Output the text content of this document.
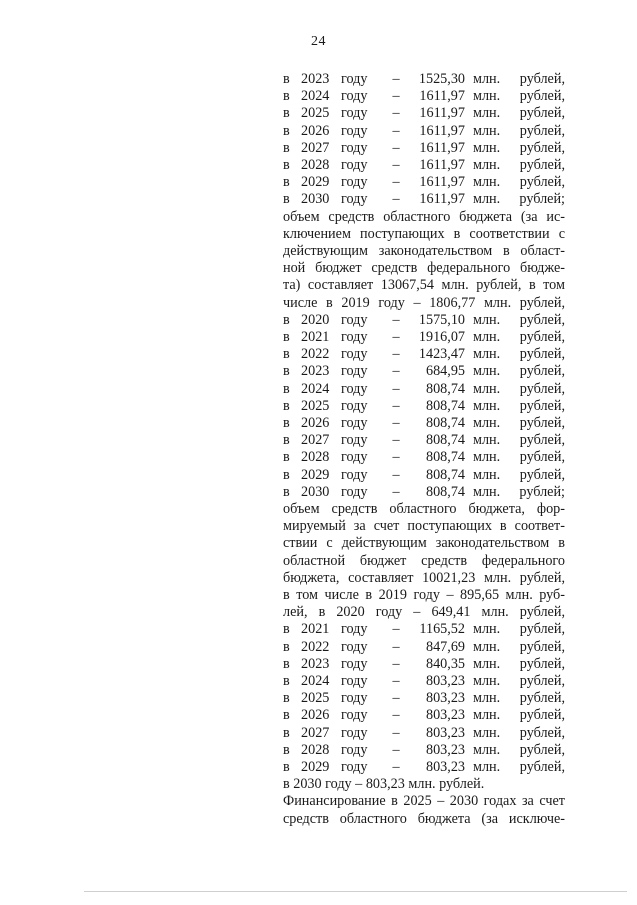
24
в	2023	году	–	1525,30	млн.	рублей,
в	2024	году	–	1611,97	млн.	рублей,
в	2025	году	–	1611,97	млн.	рублей,
в	2026	году	–	1611,97	млн.	рублей,
в	2027	году	–	1611,97	млн.	рублей,
в	2028	году	–	1611,97	млн.	рублей,
в	2029	году	–	1611,97	млн.	рублей,
в	2030	году	–	1611,97	млн.	рублей;
объем средств областного бюджета (за ис-
ключением поступающих в соответствии с
действующим законодательством в област-
ной бюджет средств федерального бюдже-
та) составляет 13067,54 млн. рублей, в том
числе в 2019 году – 1806,77 млн. рублей,
в	2020	году	–	1575,10	млн.	рублей,
в	2021	году	–	1916,07	млн.	рублей,
в	2022	году	–	1423,47	млн.	рублей,
в	2023	году	–	684,95	млн.	рублей,
в	2024	году	–	808,74	млн.	рублей,
в	2025	году	–	808,74	млн.	рублей,
в	2026	году	–	808,74	млн.	рублей,
в	2027	году	–	808,74	млн.	рублей,
в	2028	году	–	808,74	млн.	рублей,
в	2029	году	–	808,74	млн.	рублей,
в	2030	году	–	808,74	млн.	рублей;
объем средств областного бюджета, фор-
мируемый за счет поступающих в соответ-
ствии с действующим законодательством в
областной бюджет средств федерального
бюджета, составляет 10021,23 млн. рублей,
в том числе в 2019 году – 895,65 млн. руб-
лей, в 2020 году – 649,41 млн. рублей,
в	2021	году	–	1165,52	млн.	рублей,
в	2022	году	–	847,69	млн.	рублей,
в	2023	году	–	840,35	млн.	рублей,
в	2024	году	–	803,23	млн.	рублей,
в	2025	году	–	803,23	млн.	рублей,
в	2026	году	–	803,23	млн.	рублей,
в	2027	году	–	803,23	млн.	рублей,
в	2028	году	–	803,23	млн.	рублей,
в	2029	году	–	803,23	млн.	рублей,
в 2030 году – 803,23 млн. рублей.
Финансирование в 2025 – 2030 годах за счет
средств областного бюджета (за исключе-
